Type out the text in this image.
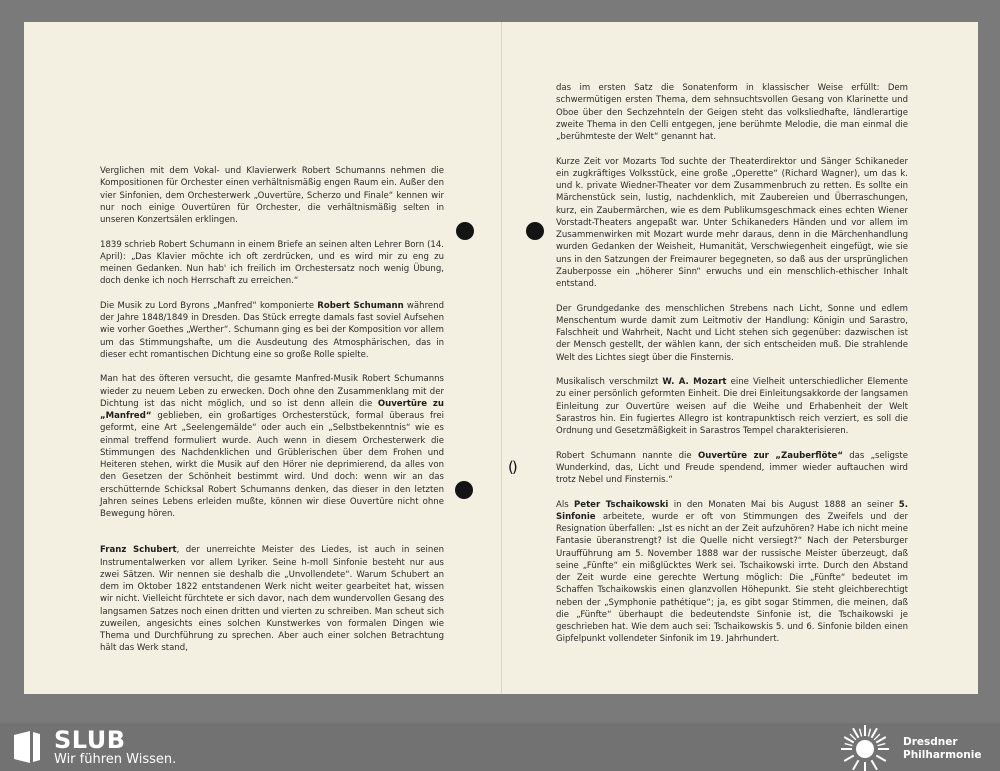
Verglichen mit dem Vokal- und Klavierwerk Robert Schumanns nehmen die Kompositionen für Orchester einen verhältnismäßig engen Raum ein. Außer den vier Sinfonien, dem Orchesterwerk „Ouvertüre, Scherzo und Finale“ kennen wir nur noch einige Ouvertüren für Orchester, die verhältnismäßig selten in unseren Konzertsälen erklingen.

1839 schrieb Robert Schumann in einem Briefe an seinen alten Lehrer Born (14. April): „Das Klavier möchte ich oft zerdrücken, und es wird mir zu eng zu meinen Gedanken. Nun hab' ich freilich im Orchestersatz noch wenig Übung, doch denke ich noch Herrschaft zu erreichen.“

Die Musik zu Lord Byrons „Manfred“ komponierte Robert Schumann während der Jahre 1848/1849 in Dresden. Das Stück erregte damals fast soviel Aufsehen wie vorher Goethes „Werther“. Schumann ging es bei der Komposition vor allem um das Stimmungshafte, um die Ausdeutung des Atmosphärischen, das in dieser echt romantischen Dichtung eine so große Rolle spielte.

Man hat des öfteren versucht, die gesamte Manfred-Musik Robert Schumanns wieder zu neuem Leben zu erwecken. Doch ohne den Zusammenklang mit der Dichtung ist das nicht möglich, und so ist denn allein die Ouvertüre zu „Manfred“ geblieben, ein großartiges Orchesterstück, formal überaus frei geformt, eine Art „Seelengemälde“ oder auch ein „Selbstbekenntnis“ wie es einmal treffend formuliert wurde. Auch wenn in diesem Orchesterwerk die Stimmungen des Nachdenklichen und Grüblerischen über dem Frohen und Heiteren stehen, wirkt die Musik auf den Hörer nie deprimierend, da alles von den Gesetzen der Schönheit bestimmt wird. Und doch: wenn wir an das erschütternde Schicksal Robert Schumanns denken, das dieser in den letzten Jahren seines Lebens erleiden mußte, können wir diese Ouvertüre nicht ohne Bewegung hören.

Franz Schubert, der unerreichte Meister des Liedes, ist auch in seinen Instrumentalwerken vor allem Lyriker. Seine h-moll Sinfonie besteht nur aus zwei Sätzen. Wir nennen sie deshalb die „Unvollendete“. Warum Schubert an dem im Oktober 1822 entstandenen Werk nicht weiter gearbeitet hat, wissen wir nicht. Vielleicht fürchtete er sich davor, nach dem wundervollen Gesang des langsamen Satzes noch einen dritten und vierten zu schreiben. Man scheut sich zuweilen, angesichts eines solchen Kunstwerkes von formalen Dingen wie Thema und Durchführung zu sprechen. Aber auch einer solchen Betrachtung hält das Werk stand,

das im ersten Satz die Sonatenform in klassischer Weise erfüllt: Dem schwermütigen ersten Thema, dem sehnsuchtsvollen Gesang von Klarinette und Oboe über den Sechzehnteln der Geigen steht das volksliedhafte, ländlerartige zweite Thema in den Celli entgegen, jene berühmte Melodie, die man einmal die „berühmteste der Welt“ genannt hat.

Kurze Zeit vor Mozarts Tod suchte der Theaterdirektor und Sänger Schikaneder ein zugkräftiges Volksstück, eine große „Operette“ (Richard Wagner), um das k. und k. private Wiedner-Theater vor dem Zusammenbruch zu retten. Es sollte ein Märchenstück sein, lustig, nachdenklich, mit Zaubereien und Überraschungen, kurz, ein Zaubermärchen, wie es dem Publikumsgeschmack eines echten Wiener Vorstadt-Theaters angepaßt war. Unter Schikaneders Händen und vor allem im Zusammenwirken mit Mozart wurde mehr daraus, denn in die Märchenhandlung wurden Gedanken der Weisheit, Humanität, Verschwiegenheit eingefügt, wie sie uns in den Satzungen der Freimaurer begegneten, so daß aus der ursprünglichen Zauberposse ein „höherer Sinn“ erwuchs und ein menschlich-ethischer Inhalt entstand.

Der Grundgedanke des menschlichen Strebens nach Licht, Sonne und edlem Menschentum wurde damit zum Leitmotiv der Handlung: Königin und Sarastro, Falschheit und Wahrheit, Nacht und Licht stehen sich gegenüber: dazwischen ist der Mensch gestellt, der wählen kann, der sich entscheiden muß. Die strahlende Welt des Lichtes siegt über die Finsternis.

Musikalisch verschmilzt W. A. Mozart eine Vielheit unterschiedlicher Elemente zu einer persönlich geformten Einheit. Die drei Einleitungsakkorde der langsamen Einleitung zur Ouvertüre weisen auf die Weihe und Erhabenheit der Welt Sarastros hin. Ein fugiertes Allegro ist kontrapunktisch reich verziert, es soll die Ordnung und Gesetzmäßigkeit in Sarastros Tempel charakterisieren.

Robert Schumann nannte die Ouvertüre zur „Zauberflöte“ das „seligste Wunderkind, das, Licht und Freude spendend, immer wieder auftauchen wird trotz Nebel und Finsternis.“

Als Peter Tschaikowski in den Monaten Mai bis August 1888 an seiner 5. Sinfonie arbeitete, wurde er oft von Stimmungen des Zweifels und der Resignation überfallen: „Ist es nicht an der Zeit aufzuhören? Habe ich nicht meine Fantasie überanstrengt? Ist die Quelle nicht versiegt?“ Nach der Petersburger Uraufführung am 5. November 1888 war der russische Meister überzeugt, daß seine „Fünfte“ ein mißglücktes Werk sei. Tschaikowski irrte. Durch den Abstand der Zeit wurde eine gerechte Wertung möglich: Die „Fünfte“ bedeutet im Schaffen Tschaikowskis einen glanzvollen Höhepunkt. Sie steht gleichberechtigt neben der „Symphonie pathétique“; ja, es gibt sogar Stimmen, die meinen, daß die „Fünfte“ überhaupt die bedeutendste Sinfonie ist, die Tschaikowski je geschrieben hat. Wie dem auch sei: Tschaikowskis 5. und 6. Sinfonie bilden einen Gipfelpunkt vollendeter Sinfonik im 19. Jahrhundert.

()
SLUB
Wir führen Wissen.
Dresdner
Philharmonie
